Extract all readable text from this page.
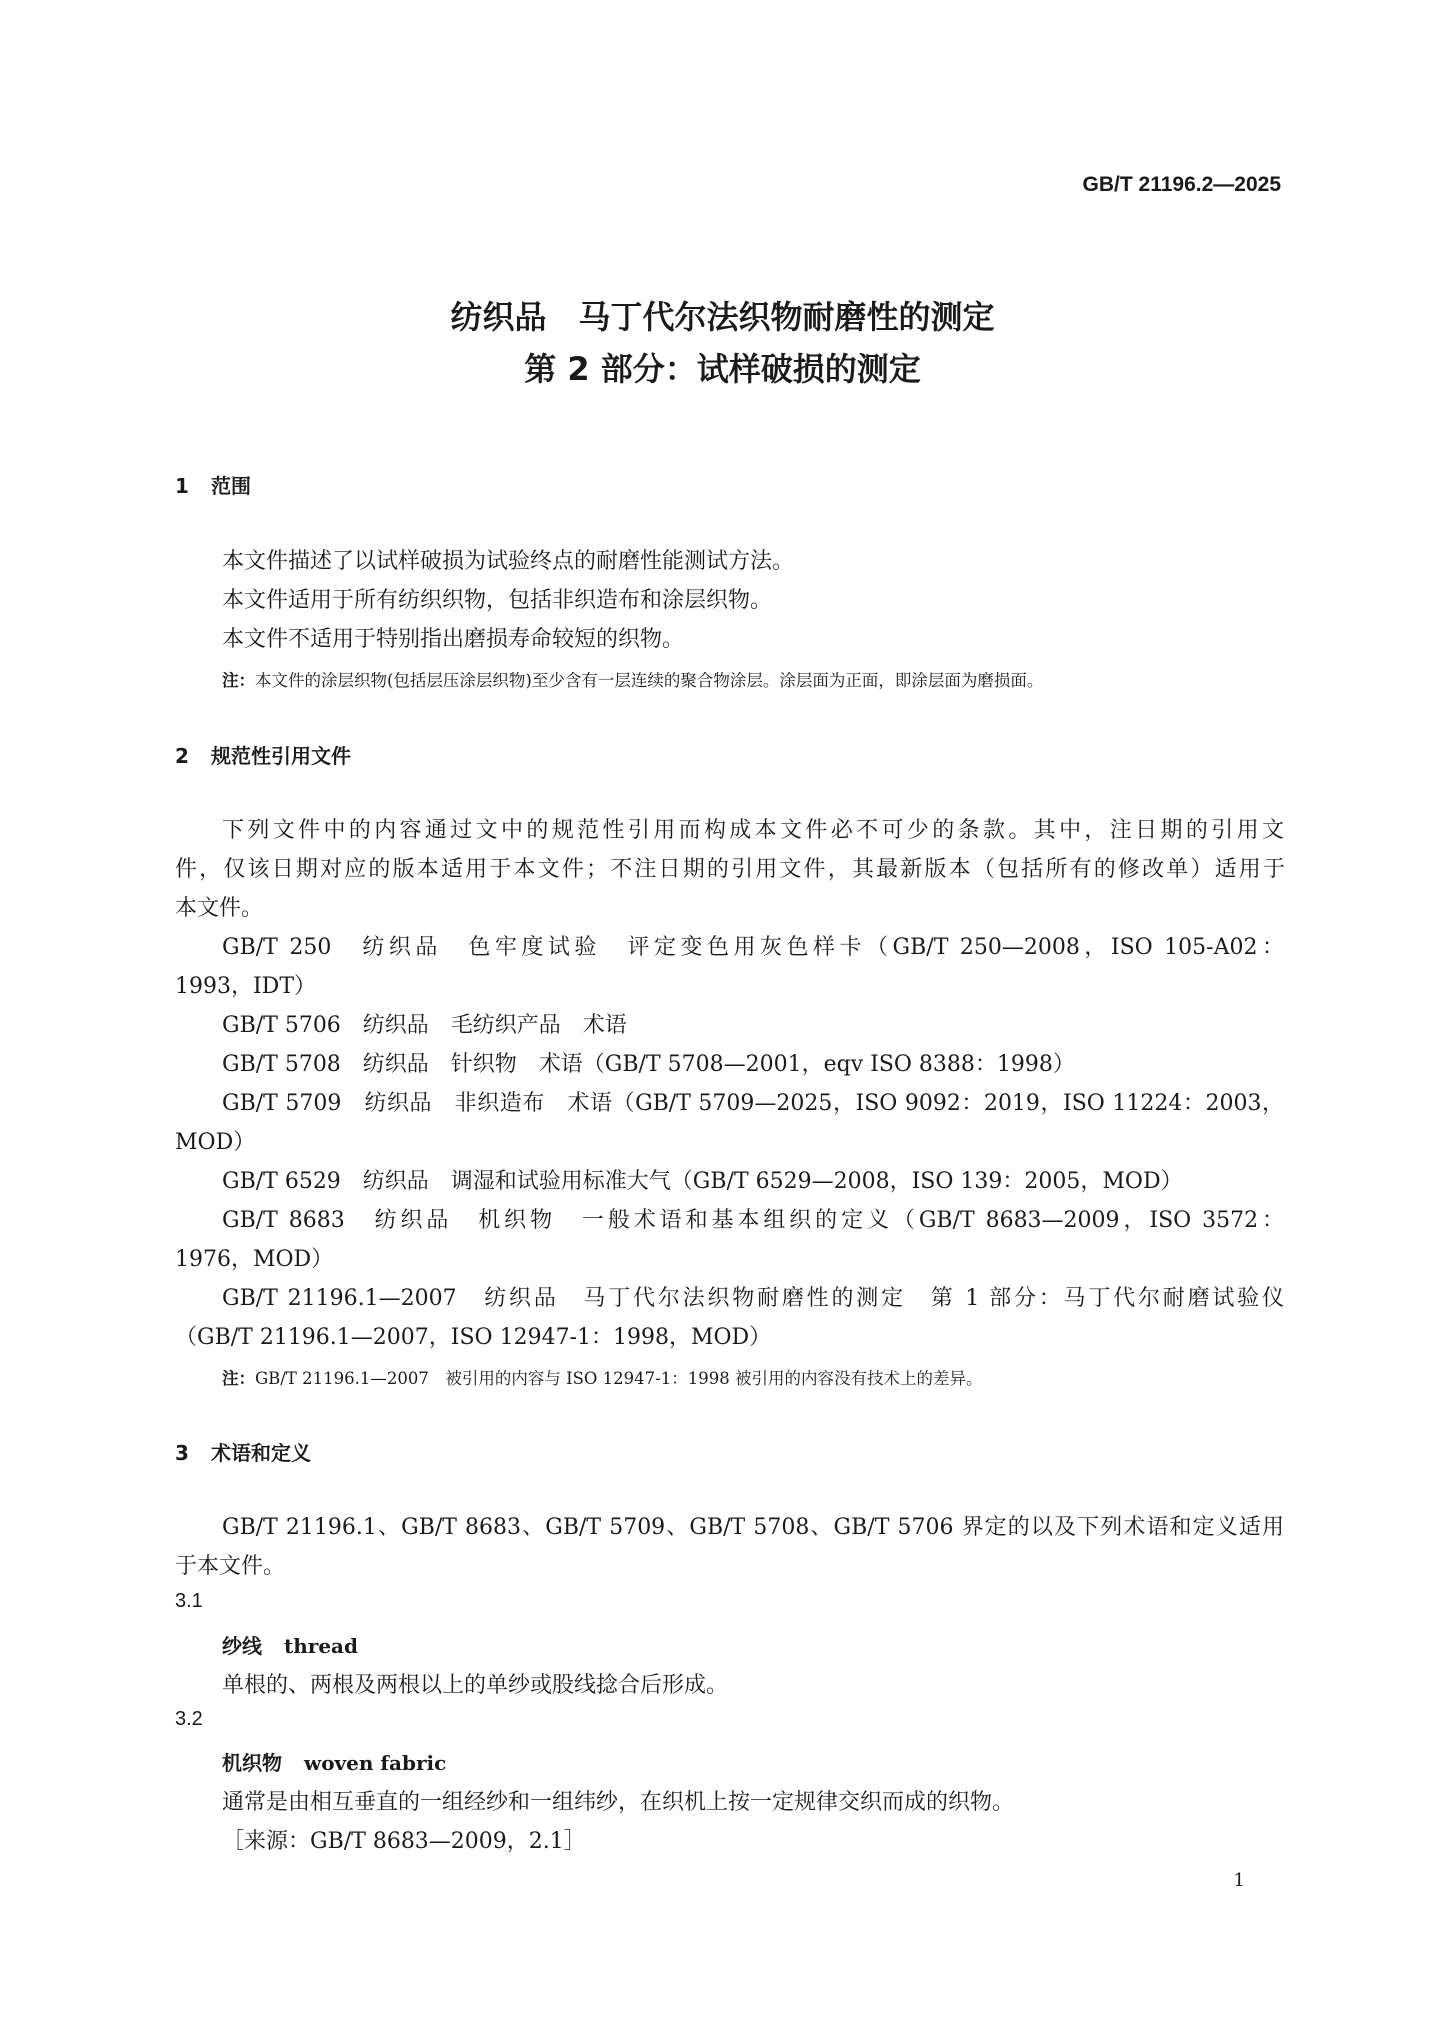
GB/T 21196.2—2025
纺织品　马丁代尔法织物耐磨性的测定
第 2 部分：试样破损的测定
1 范围
本文件描述了以试样破损为试验终点的耐磨性能测试方法。
本文件适用于所有纺织织物，包括非织造布和涂层织物。
本文件不适用于特别指出磨损寿命较短的织物。
注：本文件的涂层织物(包括层压涂层织物)至少含有一层连续的聚合物涂层。涂层面为正面，即涂层面为磨损面。
2 规范性引用文件
下列文件中的内容通过文中的规范性引用而构成本文件必不可少的条款。其中，注日期的引用文
件，仅该日期对应的版本适用于本文件；不注日期的引用文件，其最新版本（包括所有的修改单）适用于
本文件。
GB/T 250　纺织品　色牢度试验　评定变色用灰色样卡（GB/T 250—2008，ISO 105-A02：
1993，IDT）
GB/T 5706　纺织品　毛纺织产品　术语
GB/T 5708　纺织品　针织物　术语（GB/T 5708—2001，eqv ISO 8388：1998）
GB/T 5709　纺织品　非织造布　术语（GB/T 5709—2025，ISO 9092：2019，ISO 11224：2003，
MOD）
GB/T 6529　纺织品　调湿和试验用标准大气（GB/T 6529—2008，ISO 139：2005，MOD）
GB/T 8683　纺织品　机织物　一般术语和基本组织的定义（GB/T 8683—2009，ISO 3572：
1976，MOD）
GB/T 21196.1—2007　纺织品　马丁代尔法织物耐磨性的测定　第 1 部分：马丁代尔耐磨试验仪
（GB/T 21196.1—2007，ISO 12947-1：1998，MOD）
注：GB/T 21196.1—2007　被引用的内容与 ISO 12947-1：1998 被引用的内容没有技术上的差异。
3 术语和定义
GB/T 21196.1、GB/T 8683、GB/T 5709、GB/T 5708、GB/T 5706 界定的以及下列术语和定义适用
于本文件。
3.1
纱线 thread
单根的、两根及两根以上的单纱或股线捻合后形成。
3.2
机织物 woven fabric
通常是由相互垂直的一组经纱和一组纬纱，在织机上按一定规律交织而成的织物。
［来源：GB/T 8683—2009，2.1］
1
